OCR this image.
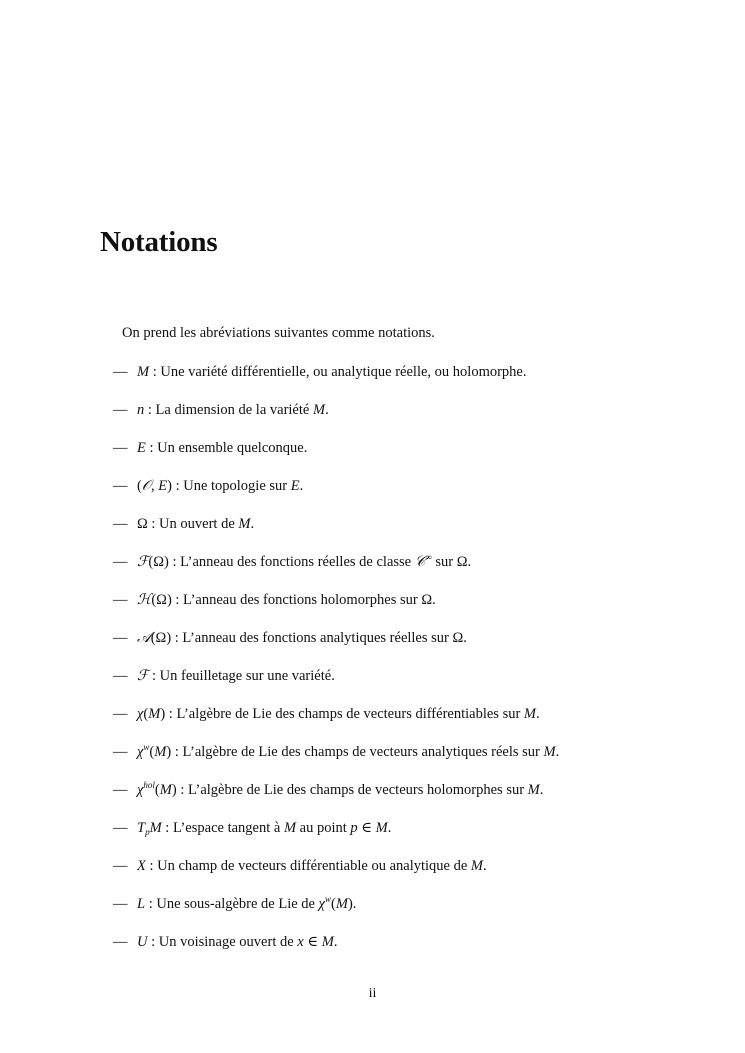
Notations
On prend les abréviations suivantes comme notations.
— M : Une variété différentielle, ou analytique réelle, ou holomorphe.
— n : La dimension de la variété M.
— E : Un ensemble quelconque.
— (𝒪, E) : Une topologie sur E.
— Ω : Un ouvert de M.
— ℱ(Ω) : L’anneau des fonctions réelles de classe 𝒞∞ sur Ω.
— ℋ(Ω) : L’anneau des fonctions holomorphes sur Ω.
— 𝒜(Ω) : L’anneau des fonctions analytiques réelles sur Ω.
— ℱ : Un feuilletage sur une variété.
— χ(M) : L’algèbre de Lie des champs de vecteurs différentiables sur M.
— $\chi^w(M)$ : L’algèbre de Lie des champs de vecteurs analytiques réels sur M.
— $\chi^{hol}(M)$ : L’algèbre de Lie des champs de vecteurs holomorphes sur M.
— $T_pM$ : L’espace tangent à M au point p ∈ M.
— X : Un champ de vecteurs différentiable ou analytique de M.
— L : Une sous-algèbre de Lie de $\chi^w(M)$.
— U : Un voisinage ouvert de x ∈ M.
ii
